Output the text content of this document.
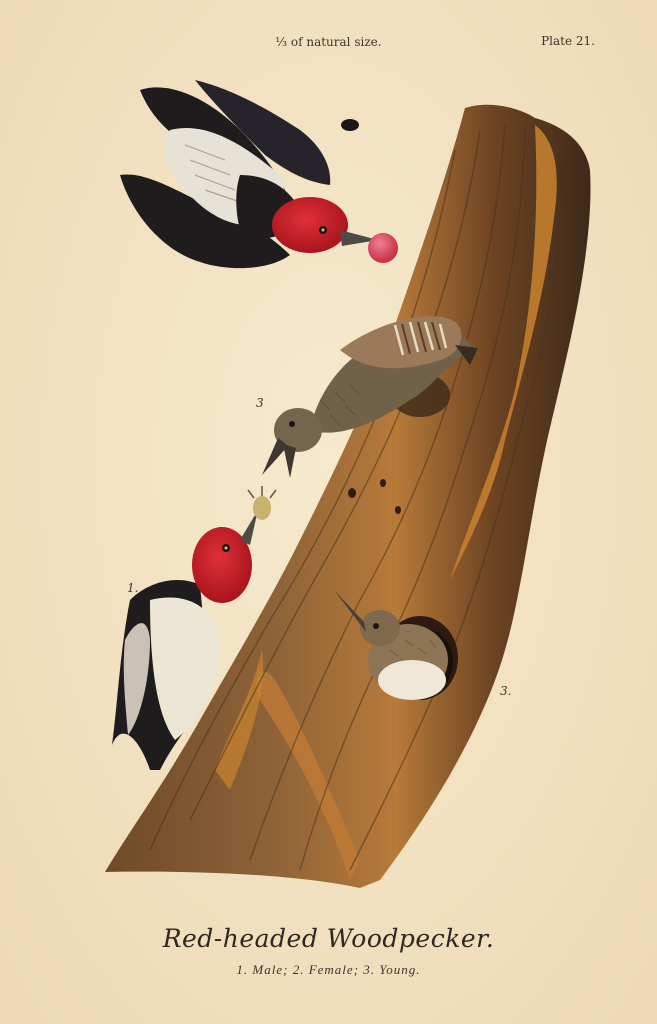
⅓ of natural size.	Plate 21.
3
1.
3.
Red-headed Woodpecker.
1. Male; 2. Female; 3. Young.
